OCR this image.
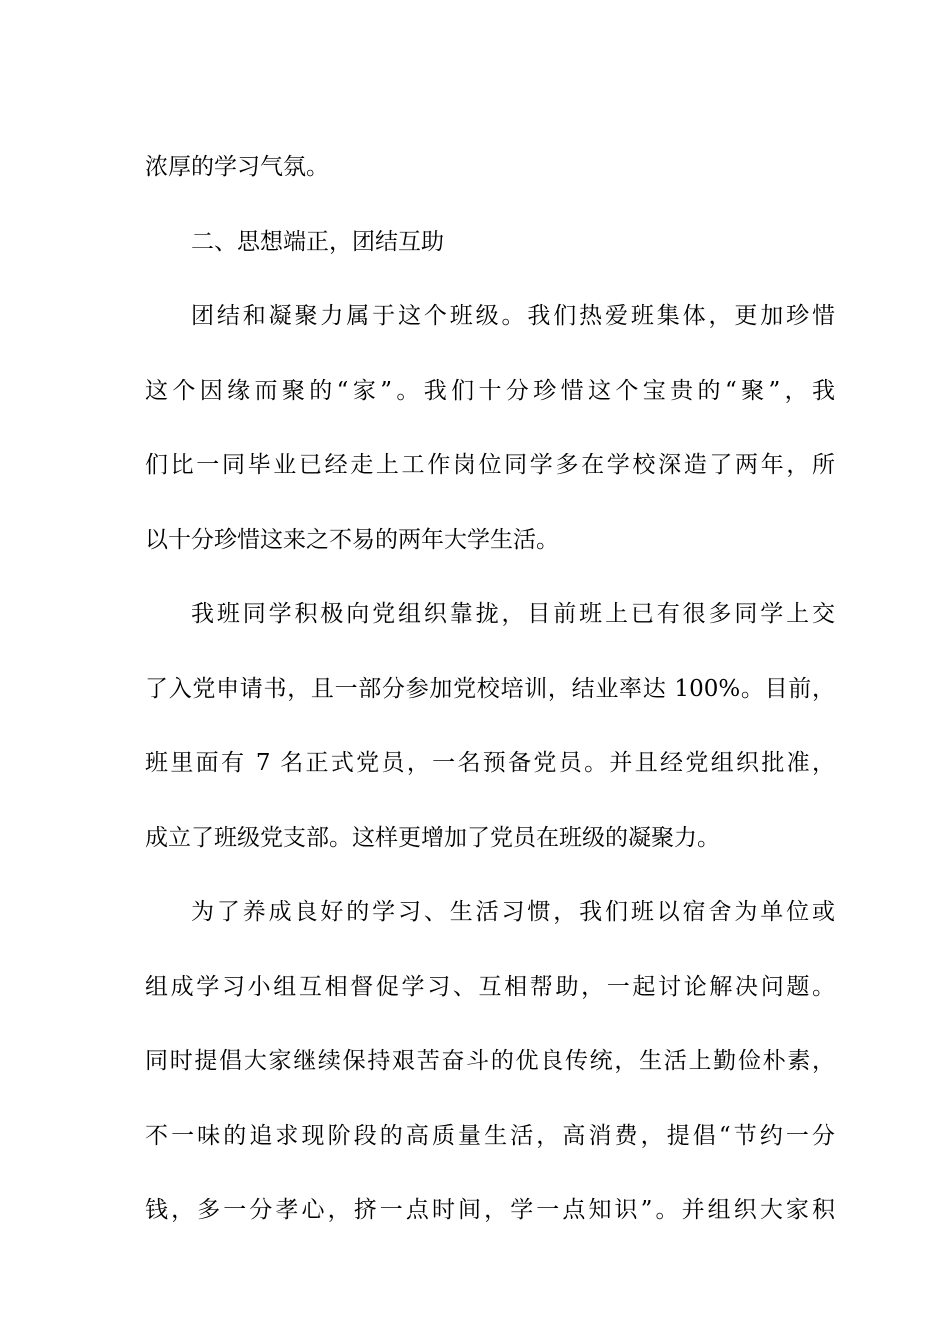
浓厚的学习气氛。
二、思想端正，团结互助
团结和凝聚力属于这个班级。我们热爱班集体，更加珍惜
这个因缘而聚的“家”。我们十分珍惜这个宝贵的“聚”，我
们比一同毕业已经走上工作岗位同学多在学校深造了两年，所
以十分珍惜这来之不易的两年大学生活。
我班同学积极向党组织靠拢，目前班上已有很多同学上交
了入党申请书，且一部分参加党校培训，结业率达 100%。目前，
班里面有 7 名正式党员，一名预备党员。并且经党组织批准，
成立了班级党支部。这样更增加了党员在班级的凝聚力。
为了养成良好的学习、生活习惯，我们班以宿舍为单位或
组成学习小组互相督促学习、互相帮助，一起讨论解决问题。
同时提倡大家继续保持艰苦奋斗的优良传统，生活上勤俭朴素，
不一味的追求现阶段的高质量生活，高消费，提倡“节约一分
钱，多一分孝心，挤一点时间，学一点知识”。并组织大家积
